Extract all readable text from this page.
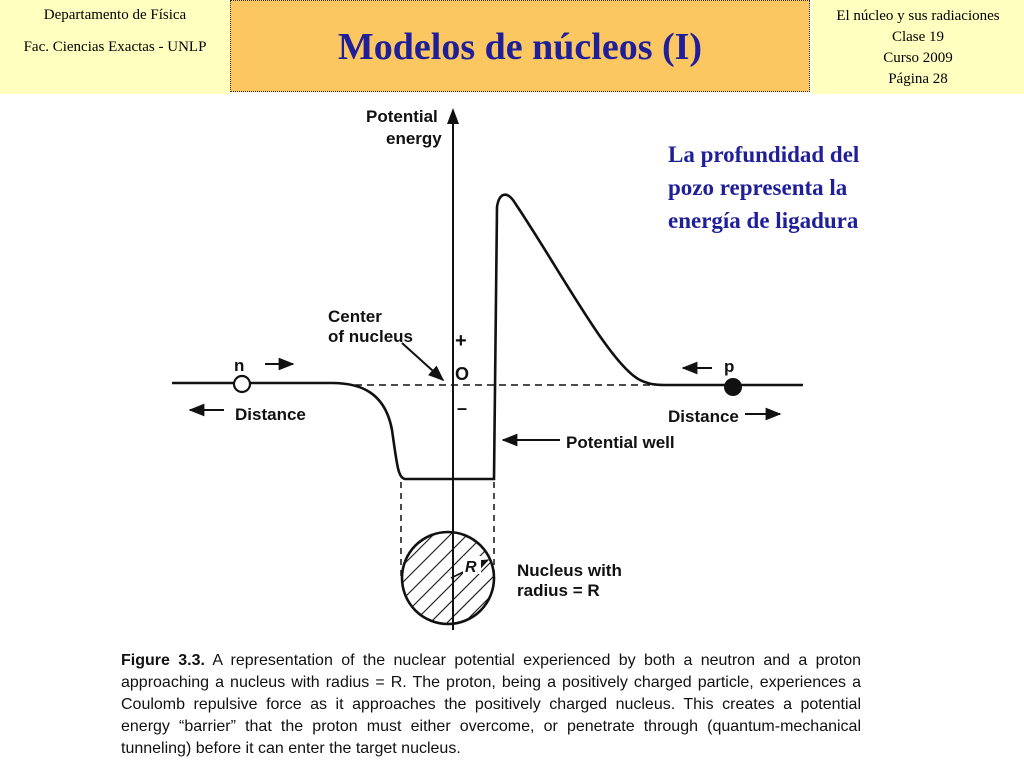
Departamento de Física
Fac. Ciencias Exactas - UNLP	Modelos de núcleos (I)
El núcleo y sus radiaciones
Clase 19
Curso 2009
Página 28
La profundidad del
pozo representa la
energía de ligadura
R
n	p
Distance	Distance
Potential
energy
Center
of nucleus +
O
–
Potential well
Nucleus with
radius = R
Figure 3.3. A representation of the nuclear potential experienced by both a neutron and a proton approaching a nucleus with radius = R. The proton, being a positively charged particle, experiences a Coulomb repulsive force as it approaches the positively charged nucleus. This creates a potential energy “barrier” that the proton must either overcome, or penetrate through (quantum-mechanical tunneling) before it can enter the target nucleus.
